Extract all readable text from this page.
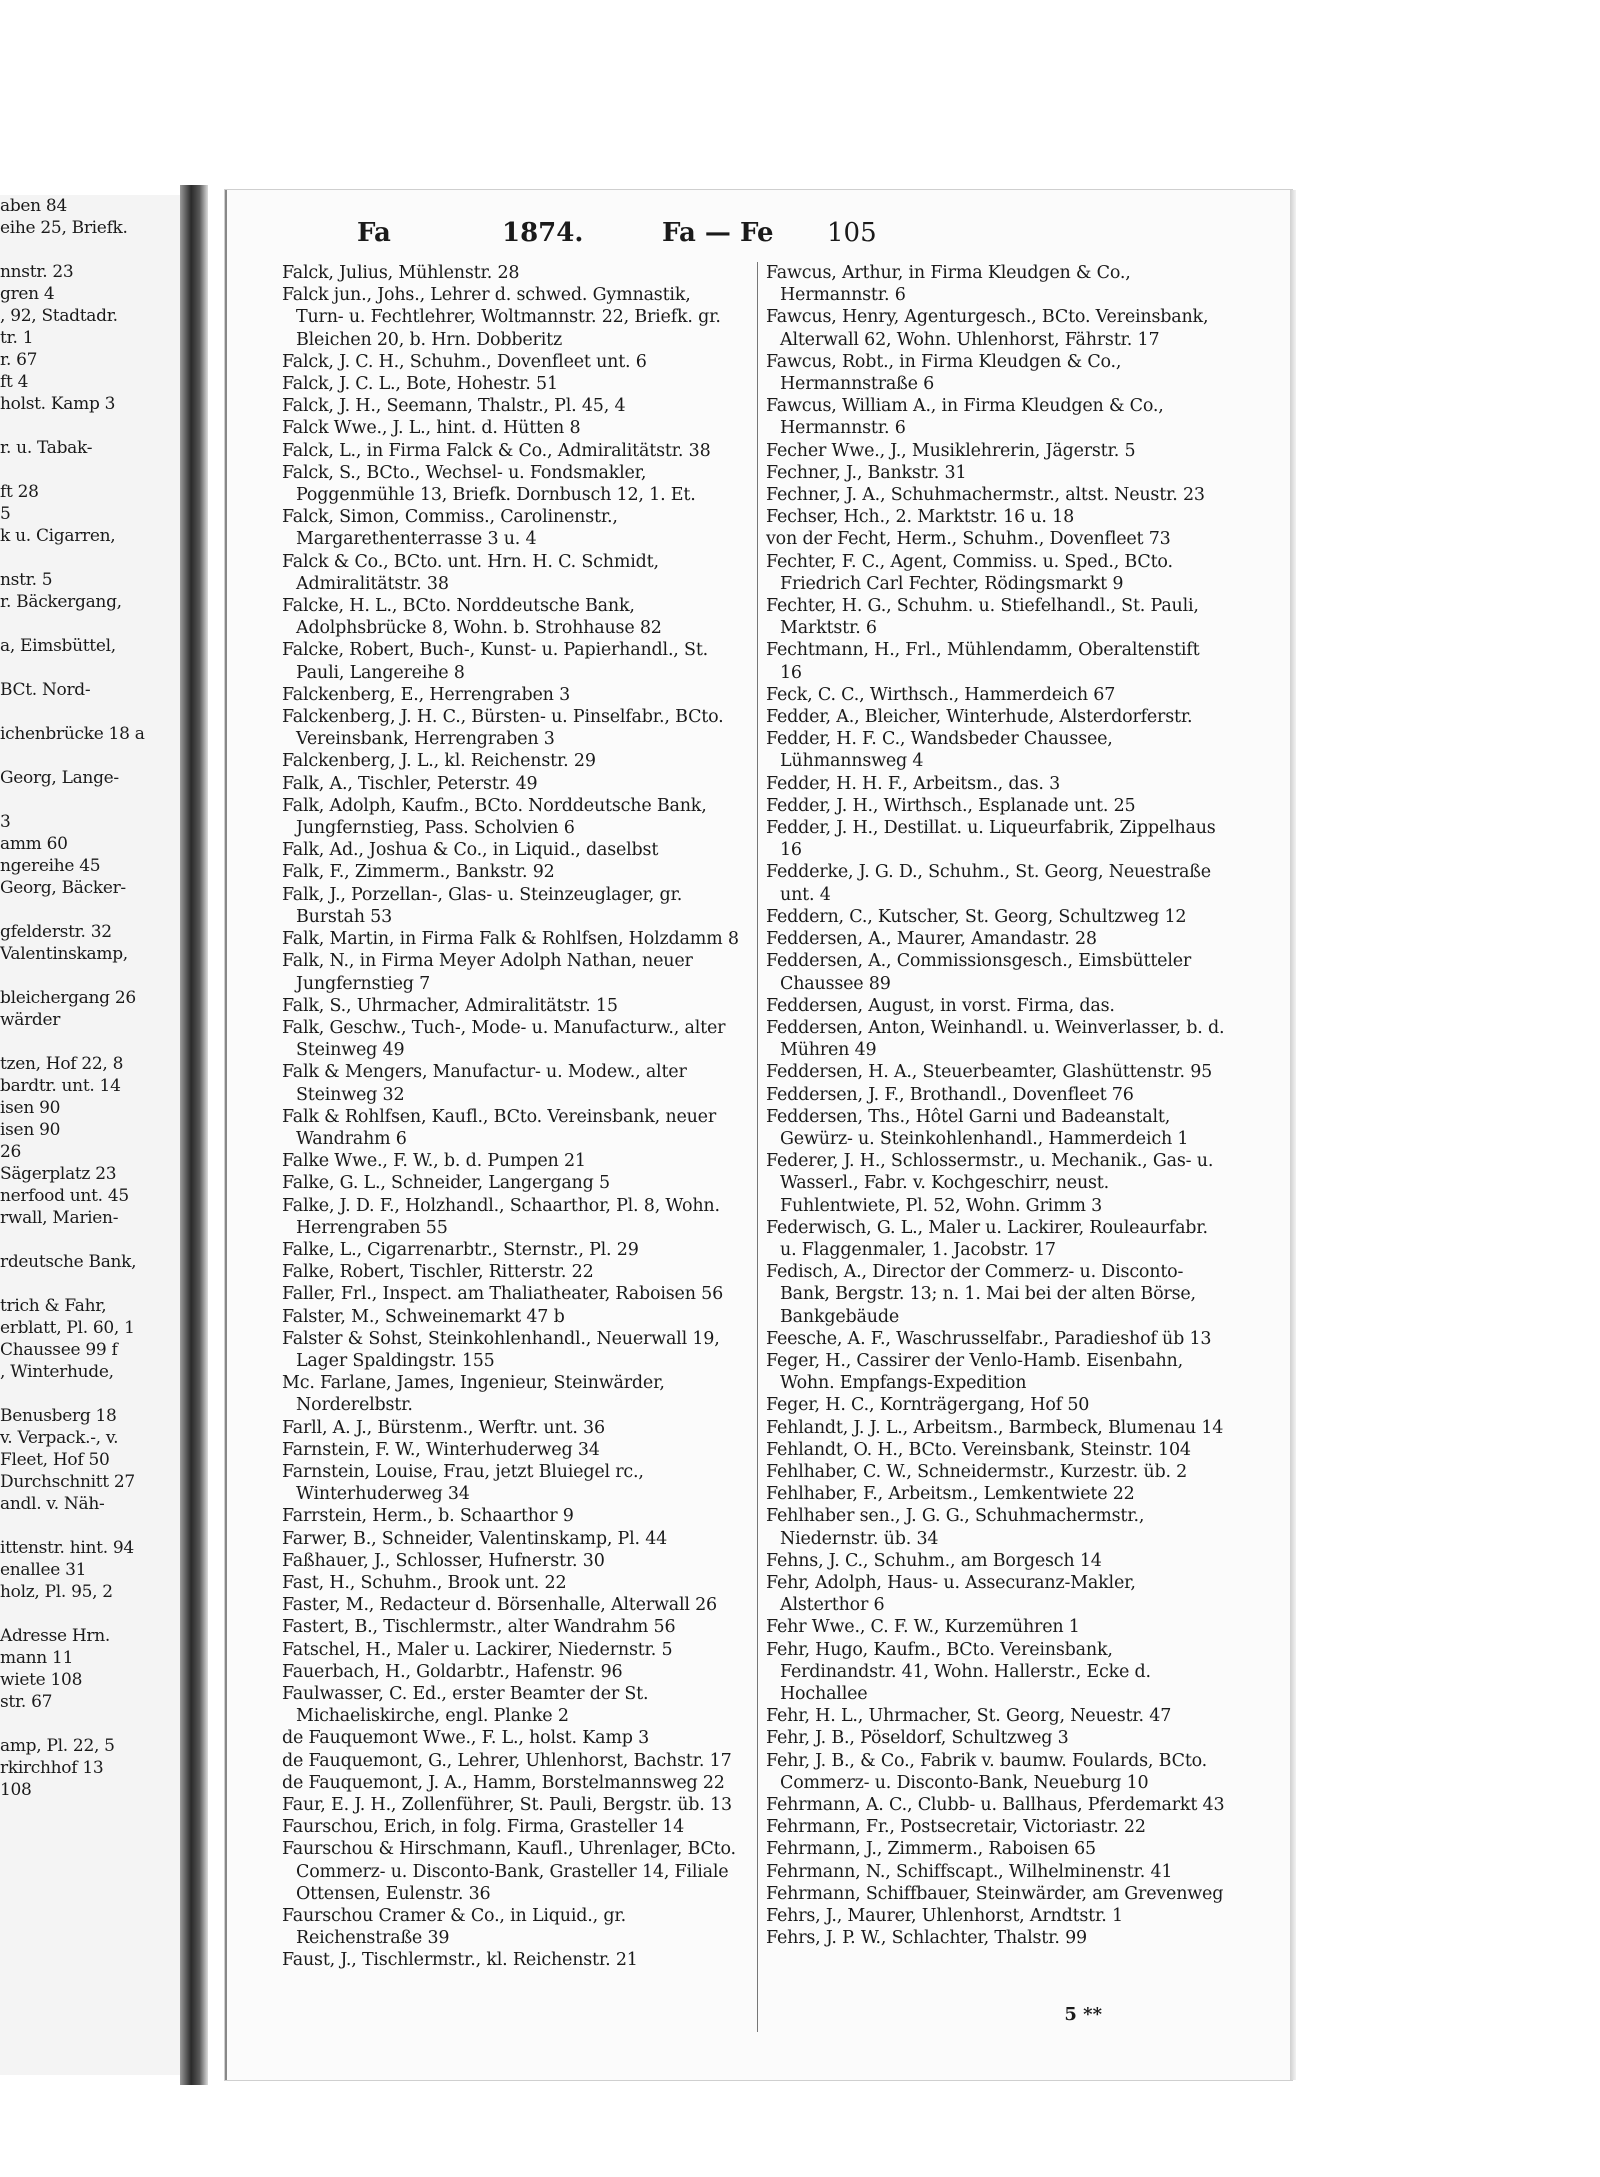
aben 84
eihe 25, Briefk.
nnstr. 23
gren 4
, 92, Stadtadr.
tr. 1
r. 67
ft 4
holst. Kamp 3
r. u. Tabak-
ft 28
5
k u. Cigarren,
nstr. 5
r. Bäckergang,
a, Eimsbüttel,
BCt. Nord-
ichenbrücke 18 a
Georg, Lange-
3
amm 60
ngereihe 45
Georg, Bäcker-
gfelderstr. 32
Valentinskamp,
bleichergang 26
wärder
tzen, Hof 22, 8
bardtr. unt. 14
isen 90
isen 90
26
Sägerplatz 23
nerfood unt. 45
rwall, Marien-
rdeutsche Bank,
trich & Fahr,
erblatt, Pl. 60, 1
Chaussee 99 f
, Winterhude,
Benusberg 18
v. Verpack.-, v.
Fleet, Hof 50
Durchschnitt 27
andl. v. Näh-
ittenstr. hint. 94
enallee 31
holz, Pl. 95, 2
Adresse Hrn.
mann 11
wiete 108
str. 67
amp, Pl. 22, 5
rkirchhof 13
108
Fa	1874.	Fa — Fe 105
Falck, Julius, Mühlenstr. 28
Falck jun., Johs., Lehrer d. schwed. Gymnastik, Turn- u. Fechtlehrer, Woltmannstr. 22, Briefk. gr. Bleichen 20, b. Hrn. Dobberitz
Falck, J. C. H., Schuhm., Dovenfleet unt. 6
Falck, J. C. L., Bote, Hohestr. 51
Falck, J. H., Seemann, Thalstr., Pl. 45, 4
Falck Wwe., J. L., hint. d. Hütten 8
Falck, L., in Firma Falck & Co., Admiralitätstr. 38
Falck, S., BCto., Wechsel- u. Fondsmakler, Poggenmühle 13, Briefk. Dornbusch 12, 1. Et.
Falck, Simon, Commiss., Carolinenstr., Margarethenterrasse 3 u. 4
Falck & Co., BCto. unt. Hrn. H. C. Schmidt, Admiralitätstr. 38
Falcke, H. L., BCto. Norddeutsche Bank, Adolphsbrücke 8, Wohn. b. Strohhause 82
Falcke, Robert, Buch-, Kunst- u. Papierhandl., St. Pauli, Langereihe 8
Falckenberg, E., Herrengraben 3
Falckenberg, J. H. C., Bürsten- u. Pinselfabr., BCto. Vereinsbank, Herrengraben 3
Falckenberg, J. L., kl. Reichenstr. 29
Falk, A., Tischler, Peterstr. 49
Falk, Adolph, Kaufm., BCto. Norddeutsche Bank, Jungfernstieg, Pass. Scholvien 6
Falk, Ad., Joshua & Co., in Liquid., daselbst
Falk, F., Zimmerm., Bankstr. 92
Falk, J., Porzellan-, Glas- u. Steinzeuglager, gr. Burstah 53
Falk, Martin, in Firma Falk & Rohlfsen, Holzdamm 8
Falk, N., in Firma Meyer Adolph Nathan, neuer Jungfernstieg 7
Falk, S., Uhrmacher, Admiralitätstr. 15
Falk, Geschw., Tuch-, Mode- u. Manufacturw., alter Steinweg 49
Falk & Mengers, Manufactur- u. Modew., alter Steinweg 32
Falk & Rohlfsen, Kaufl., BCto. Vereinsbank, neuer Wandrahm 6
Falke Wwe., F. W., b. d. Pumpen 21
Falke, G. L., Schneider, Langergang 5
Falke, J. D. F., Holzhandl., Schaarthor, Pl. 8, Wohn. Herrengraben 55
Falke, L., Cigarrenarbtr., Sternstr., Pl. 29
Falke, Robert, Tischler, Ritterstr. 22
Faller, Frl., Inspect. am Thaliatheater, Raboisen 56
Falster, M., Schweinemarkt 47 b
Falster & Sohst, Steinkohlenhandl., Neuerwall 19, Lager Spaldingstr. 155
Mc. Farlane, James, Ingenieur, Steinwärder, Norderelbstr.
Farll, A. J., Bürstenm., Werftr. unt. 36
Farnstein, F. W., Winterhuderweg 34
Farnstein, Louise, Frau, jetzt Bluiegel rc., Winterhuderweg 34
Farrstein, Herm., b. Schaarthor 9
Farwer, B., Schneider, Valentinskamp, Pl. 44
Faßhauer, J., Schlosser, Hufnerstr. 30
Fast, H., Schuhm., Brook unt. 22
Faster, M., Redacteur d. Börsenhalle, Alterwall 26
Fastert, B., Tischlermstr., alter Wandrahm 56
Fatschel, H., Maler u. Lackirer, Niedernstr. 5
Fauerbach, H., Goldarbtr., Hafenstr. 96
Faulwasser, C. Ed., erster Beamter der St. Michaeliskirche, engl. Planke 2
de Fauquemont Wwe., F. L., holst. Kamp 3
de Fauquemont, G., Lehrer, Uhlenhorst, Bachstr. 17
de Fauquemont, J. A., Hamm, Borstelmannsweg 22
Faur, E. J. H., Zollenführer, St. Pauli, Bergstr. üb. 13
Faurschou, Erich, in folg. Firma, Grasteller 14
Faurschou & Hirschmann, Kaufl., Uhrenlager, BCto. Commerz- u. Disconto-Bank, Grasteller 14, Filiale Ottensen, Eulenstr. 36
Faurschou Cramer & Co., in Liquid., gr. Reichenstraße 39
Faust, J., Tischlermstr., kl. Reichenstr. 21
Fawcus, Arthur, in Firma Kleudgen & Co., Hermannstr. 6
Fawcus, Henry, Agenturgesch., BCto. Vereinsbank, Alterwall 62, Wohn. Uhlenhorst, Fährstr. 17
Fawcus, Robt., in Firma Kleudgen & Co., Hermannstraße 6
Fawcus, William A., in Firma Kleudgen & Co., Hermannstr. 6
Fecher Wwe., J., Musiklehrerin, Jägerstr. 5
Fechner, J., Bankstr. 31
Fechner, J. A., Schuhmachermstr., altst. Neustr. 23
Fechser, Hch., 2. Marktstr. 16 u. 18
von der Fecht, Herm., Schuhm., Dovenfleet 73
Fechter, F. C., Agent, Commiss. u. Sped., BCto. Friedrich Carl Fechter, Rödingsmarkt 9
Fechter, H. G., Schuhm. u. Stiefelhandl., St. Pauli, Marktstr. 6
Fechtmann, H., Frl., Mühlendamm, Oberaltenstift 16
Feck, C. C., Wirthsch., Hammerdeich 67
Fedder, A., Bleicher, Winterhude, Alsterdorferstr.
Fedder, H. F. C., Wandsbeder Chaussee, Lühmannsweg 4
Fedder, H. H. F., Arbeitsm., das. 3
Fedder, J. H., Wirthsch., Esplanade unt. 25
Fedder, J. H., Destillat. u. Liqueurfabrik, Zippelhaus 16
Fedderke, J. G. D., Schuhm., St. Georg, Neuestraße unt. 4
Feddern, C., Kutscher, St. Georg, Schultzweg 12
Feddersen, A., Maurer, Amandastr. 28
Feddersen, A., Commissionsgesch., Eimsbütteler Chaussee 89
Feddersen, August, in vorst. Firma, das.
Feddersen, Anton, Weinhandl. u. Weinverlasser, b. d. Mühren 49
Feddersen, H. A., Steuerbeamter, Glashüttenstr. 95
Feddersen, J. F., Brothandl., Dovenfleet 76
Feddersen, Ths., Hôtel Garni und Badeanstalt, Gewürz- u. Steinkohlenhandl., Hammerdeich 1
Federer, J. H., Schlossermstr., u. Mechanik., Gas- u. Wasserl., Fabr. v. Kochgeschirr, neust. Fuhlentwiete, Pl. 52, Wohn. Grimm 3
Federwisch, G. L., Maler u. Lackirer, Rouleaurfabr. u. Flaggenmaler, 1. Jacobstr. 17
Fedisch, A., Director der Commerz- u. Disconto-Bank, Bergstr. 13; n. 1. Mai bei der alten Börse, Bankgebäude
Feesche, A. F., Waschrusselfabr., Paradieshof üb 13
Feger, H., Cassirer der Venlo-Hamb. Eisenbahn, Wohn. Empfangs-Expedition
Feger, H. C., Kornträgergang, Hof 50
Fehlandt, J. J. L., Arbeitsm., Barmbeck, Blumenau 14
Fehlandt, O. H., BCto. Vereinsbank, Steinstr. 104
Fehlhaber, C. W., Schneidermstr., Kurzestr. üb. 2
Fehlhaber, F., Arbeitsm., Lemkentwiete 22
Fehlhaber sen., J. G. G., Schuhmachermstr., Niedernstr. üb. 34
Fehns, J. C., Schuhm., am Borgesch 14
Fehr, Adolph, Haus- u. Assecuranz-Makler, Alsterthor 6
Fehr Wwe., C. F. W., Kurzemühren 1
Fehr, Hugo, Kaufm., BCto. Vereinsbank, Ferdinandstr. 41, Wohn. Hallerstr., Ecke d. Hochallee
Fehr, H. L., Uhrmacher, St. Georg, Neuestr. 47
Fehr, J. B., Pöseldorf, Schultzweg 3
Fehr, J. B., & Co., Fabrik v. baumw. Foulards, BCto. Commerz- u. Disconto-Bank, Neueburg 10
Fehrmann, A. C., Clubb- u. Ballhaus, Pferdemarkt 43
Fehrmann, Fr., Postsecretair, Victoriastr. 22
Fehrmann, J., Zimmerm., Raboisen 65
Fehrmann, N., Schiffscapt., Wilhelminenstr. 41
Fehrmann, Schiffbauer, Steinwärder, am Grevenweg
Fehrs, J., Maurer, Uhlenhorst, Arndtstr. 1
Fehrs, J. P. W., Schlachter, Thalstr. 99
5 **
